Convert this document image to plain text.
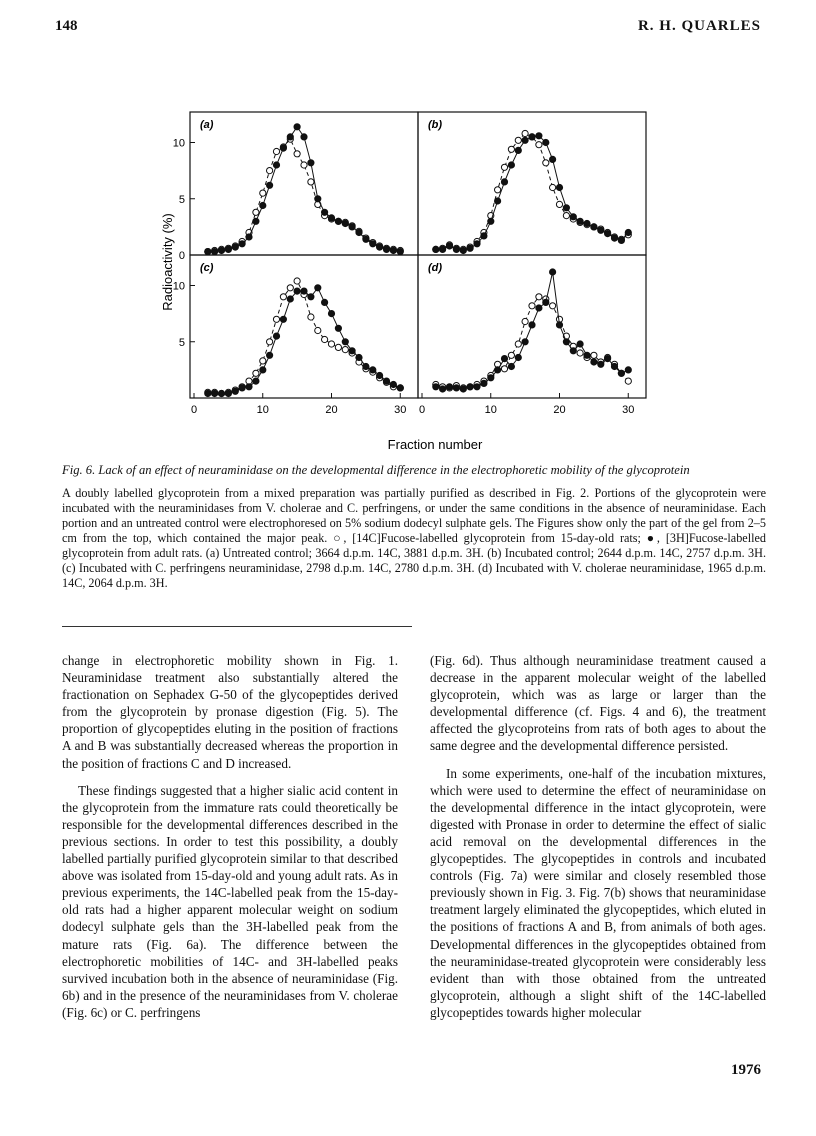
148	R. H. QUARLES
Radioactivity (%)
Fraction number
(a)
10
5
0
(b)
(c)
10
5
0	10	20	30
(d)
0	10	20	30
Fig. 6. Lack of an effect of neuraminidase on the developmental difference in the electrophoretic mobility of the glycoprotein
A doubly labelled glycoprotein from a mixed preparation was partially purified as described in Fig. 2. Portions of the glycoprotein were incubated with the neuraminidases from V. cholerae and C. perfringens, or under the same conditions in the absence of neuraminidase. Each portion and an untreated control were electrophoresed on 5% sodium dodecyl sulphate gels. The Figures show only the part of the gel from 2–5 cm from the top, which contained the major peak. ○, [14C]Fucose-labelled glycoprotein from 15-day-old rats; ●, [3H]Fucose-labelled glycoprotein from adult rats. (a) Untreated control; 3664 d.p.m. 14C, 3881 d.p.m. 3H. (b) Incubated control; 2644 d.p.m. 14C, 2757 d.p.m. 3H. (c) Incubated with C. perfringens neuraminidase, 2798 d.p.m. 14C, 2780 d.p.m. 3H. (d) Incubated with V. cholerae neuraminidase, 1965 d.p.m. 14C, 2064 d.p.m. 3H.

change in electrophoretic mobility shown in Fig. 1. Neuraminidase treatment also substantially altered the fractionation on Sephadex G-50 of the glycopeptides derived from the glycoprotein by pronase digestion (Fig. 5). The proportion of glycopeptides eluting in the position of fractions A and B was substantially decreased whereas the proportion in the position of fractions C and D increased.

These findings suggested that a higher sialic acid content in the glycoprotein from the immature rats could theoretically be responsible for the developmental differences described in the previous sections. In order to test this possibility, a doubly labelled partially purified glycoprotein similar to that described above was isolated from 15-day-old and young adult rats. As in previous experiments, the 14C-labelled peak from the 15-day-old rats had a higher apparent molecular weight on sodium dodecyl sulphate gels than the 3H-labelled peak from the mature rats (Fig. 6a). The difference between the electrophoretic mobilities of 14C- and 3H-labelled peaks survived incubation both in the absence of neuraminidase (Fig. 6b) and in the presence of the neuraminidases from V. cholerae (Fig. 6c) or C. perfringens

(Fig. 6d). Thus although neuraminidase treatment caused a decrease in the apparent molecular weight of the labelled glycoprotein, which was as large or larger than the developmental difference (cf. Figs. 4 and 6), the treatment affected the glycoproteins from rats of both ages to about the same degree and the developmental difference persisted.

In some experiments, one-half of the incubation mixtures, which were used to determine the effect of neuraminidase on the developmental difference in the intact glycoprotein, were digested with Pronase in order to determine the effect of sialic acid removal on the developmental differences in the glycopeptides. The glycopeptides in controls and incubated controls (Fig. 7a) were similar and closely resembled those previously shown in Fig. 3. Fig. 7(b) shows that neuraminidase treatment largely eliminated the glycopeptides, which eluted in the positions of fractions A and B, from animals of both ages. Developmental differences in the glycopeptides obtained from the neuraminidase-treated glycoprotein were considerably less evident than with those obtained from the untreated glycoprotein, although a slight shift of the 14C-labelled glycopeptides towards higher molecular

1976
